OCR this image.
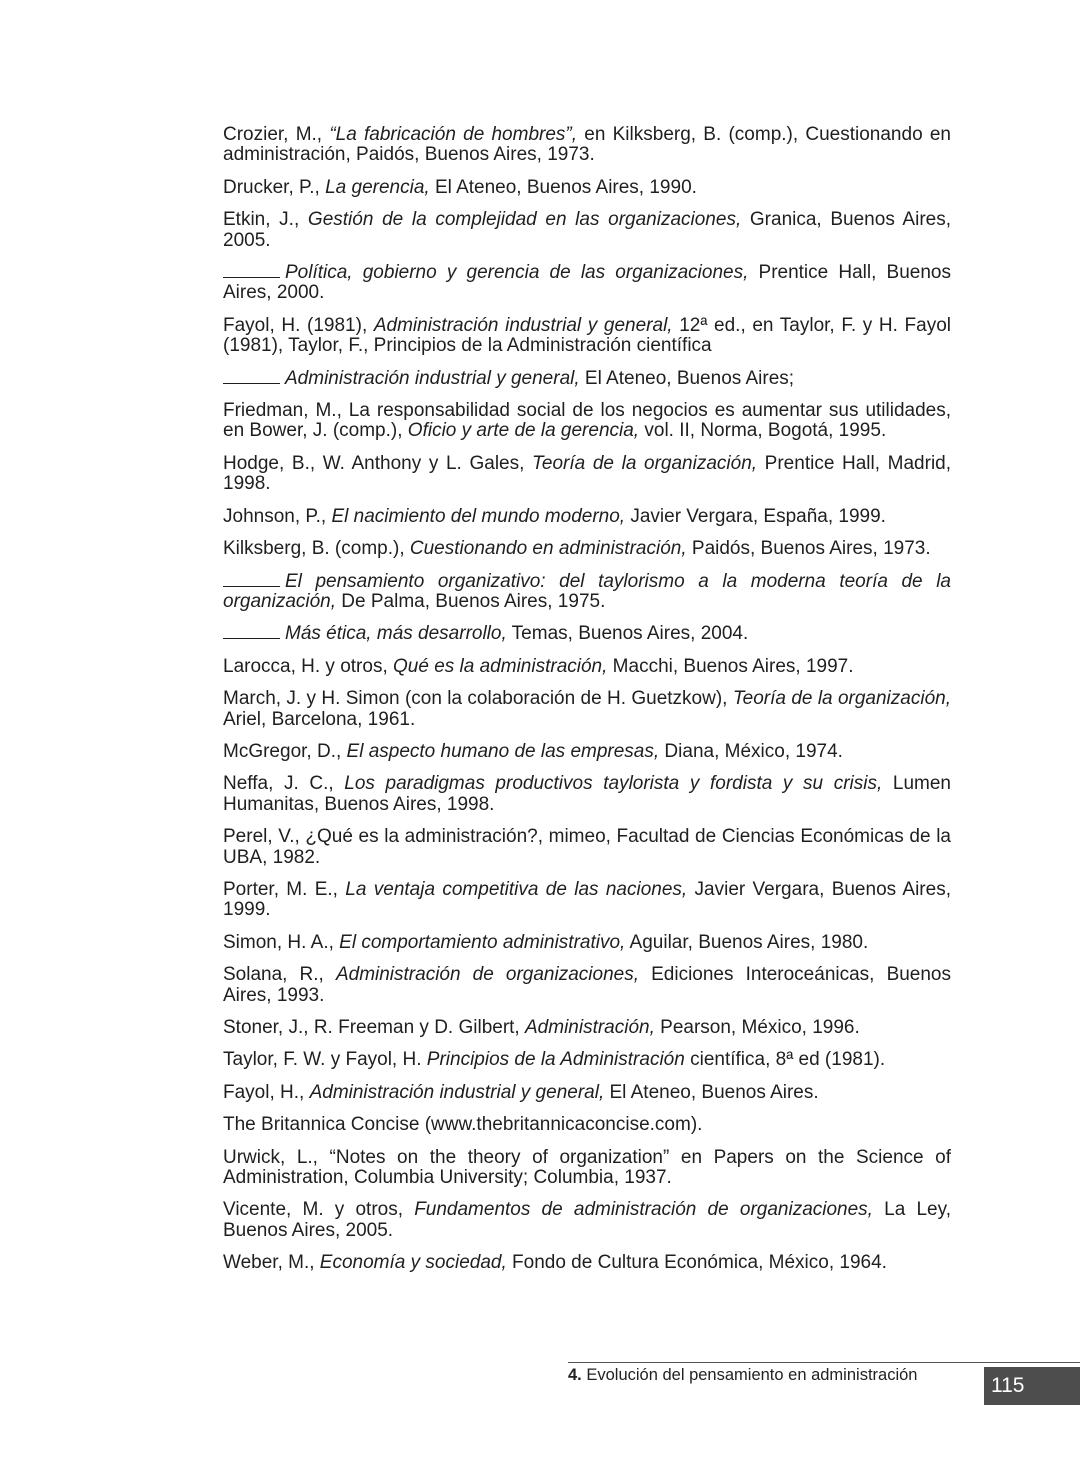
Crozier, M., “La fabricación de hombres”, en Kilksberg, B. (comp.), Cuestionando en administración, Paidós, Buenos Aires, 1973.

Drucker, P., La gerencia, El Ateneo, Buenos Aires, 1990.

Etkin, J., Gestión de la complejidad en las organizaciones, Granica, Buenos Aires, 2005.

Política, gobierno y gerencia de las organizaciones, Prentice Hall, Buenos Aires, 2000.

Fayol, H. (1981), Administración industrial y general, 12ª ed., en Taylor, F. y H. Fayol (1981), Taylor, F., Principios de la Administración científica

Administración industrial y general, El Ateneo, Buenos Aires;

Friedman, M., La responsabilidad social de los negocios es aumentar sus utilidades, en Bower, J. (comp.), Oficio y arte de la gerencia, vol. II, Norma, Bogotá, 1995.

Hodge, B., W. Anthony y L. Gales, Teoría de la organización, Prentice Hall, Madrid, 1998.

Johnson, P., El nacimiento del mundo moderno, Javier Vergara, España, 1999.

Kilksberg, B. (comp.), Cuestionando en administración, Paidós, Buenos Aires, 1973.

El pensamiento organizativo: del taylorismo a la moderna teoría de la organización, De Palma, Buenos Aires, 1975.

Más ética, más desarrollo, Temas, Buenos Aires, 2004.

Larocca, H. y otros, Qué es la administración, Macchi, Buenos Aires, 1997.

March, J. y H. Simon (con la colaboración de H. Guetzkow), Teoría de la organización, Ariel, Barcelona, 1961.

McGregor, D., El aspecto humano de las empresas, Diana, México, 1974.

Neffa, J. C., Los paradigmas productivos taylorista y fordista y su crisis, Lumen Humanitas, Buenos Aires, 1998.

Perel, V., ¿Qué es la administración?, mimeo, Facultad de Ciencias Económicas de la UBA, 1982.

Porter, M. E., La ventaja competitiva de las naciones, Javier Vergara, Buenos Aires, 1999.

Simon, H. A., El comportamiento administrativo, Aguilar, Buenos Aires, 1980.

Solana, R., Administración de organizaciones, Ediciones Interoceánicas, Buenos Aires, 1993.

Stoner, J., R. Freeman y D. Gilbert, Administración, Pearson, México, 1996.

Taylor, F. W. y Fayol, H. Principios de la Administración científica, 8ª ed (1981).

Fayol, H., Administración industrial y general, El Ateneo, Buenos Aires.

The Britannica Concise (www.thebritannicaconcise.com).

Urwick, L., “Notes on the theory of organization” en Papers on the Science of Administration, Columbia University; Columbia, 1937.

Vicente, M. y otros, Fundamentos de administración de organizaciones, La Ley, Buenos Aires, 2005.

Weber, M., Economía y sociedad, Fondo de Cultura Económica, México, 1964.

4. Evolución del pensamiento en administración	115
